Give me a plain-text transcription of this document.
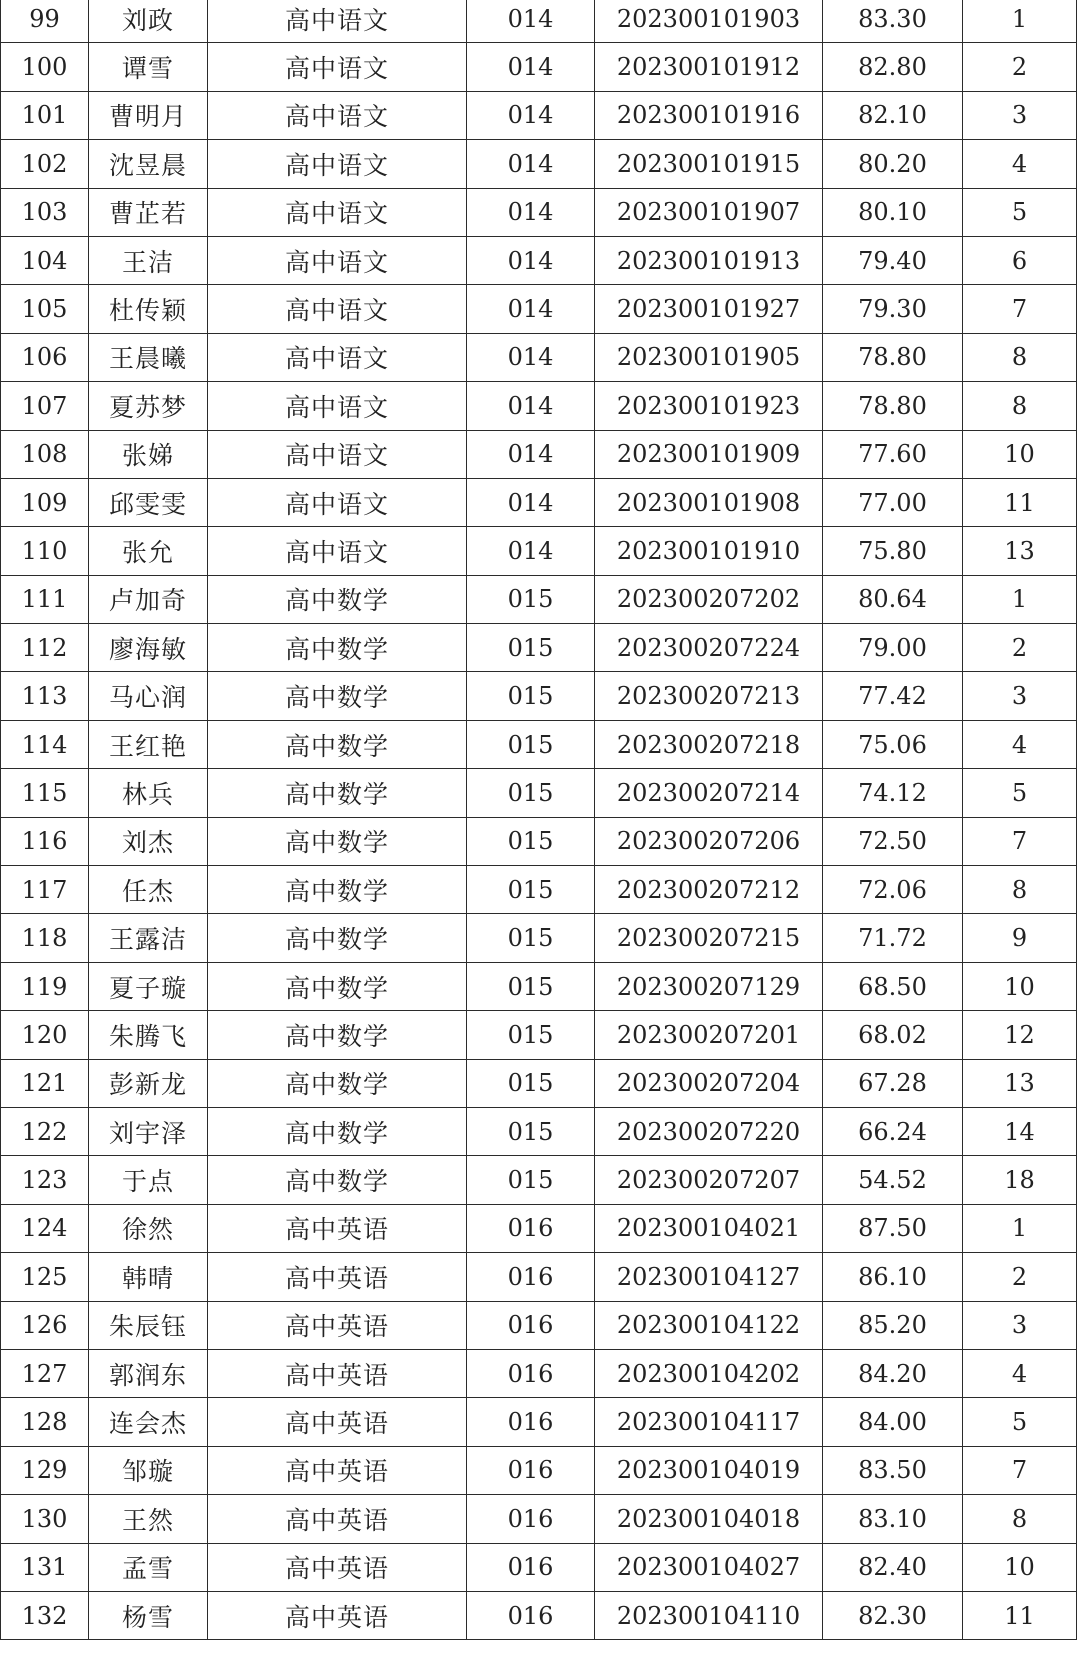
99	刘政	高中语文	014	202300101903	83.30	1
100	谭雪	高中语文	014	202300101912	82.80	2
101	曹明月	高中语文	014	202300101916	82.10	3
102	沈昱晨	高中语文	014	202300101915	80.20	4
103	曹芷若	高中语文	014	202300101907	80.10	5
104	王洁	高中语文	014	202300101913	79.40	6
105	杜传颖	高中语文	014	202300101927	79.30	7
106	王晨曦	高中语文	014	202300101905	78.80	8
107	夏苏梦	高中语文	014	202300101923	78.80	8
108	张娣	高中语文	014	202300101909	77.60	10
109	邱雯雯	高中语文	014	202300101908	77.00	11
110	张允	高中语文	014	202300101910	75.80	13
111	卢加奇	高中数学	015	202300207202	80.64	1
112	廖海敏	高中数学	015	202300207224	79.00	2
113	马心润	高中数学	015	202300207213	77.42	3
114	王红艳	高中数学	015	202300207218	75.06	4
115	林兵	高中数学	015	202300207214	74.12	5
116	刘杰	高中数学	015	202300207206	72.50	7
117	任杰	高中数学	015	202300207212	72.06	8
118	王露洁	高中数学	015	202300207215	71.72	9
119	夏子璇	高中数学	015	202300207129	68.50	10
120	朱腾飞	高中数学	015	202300207201	68.02	12
121	彭新龙	高中数学	015	202300207204	67.28	13
122	刘宇泽	高中数学	015	202300207220	66.24	14
123	于点	高中数学	015	202300207207	54.52	18
124	徐然	高中英语	016	202300104021	87.50	1
125	韩晴	高中英语	016	202300104127	86.10	2
126	朱辰钰	高中英语	016	202300104122	85.20	3
127	郭润东	高中英语	016	202300104202	84.20	4
128	连会杰	高中英语	016	202300104117	84.00	5
129	邹璇	高中英语	016	202300104019	83.50	7
130	王然	高中英语	016	202300104018	83.10	8
131	孟雪	高中英语	016	202300104027	82.40	10
132	杨雪	高中英语	016	202300104110	82.30	11
